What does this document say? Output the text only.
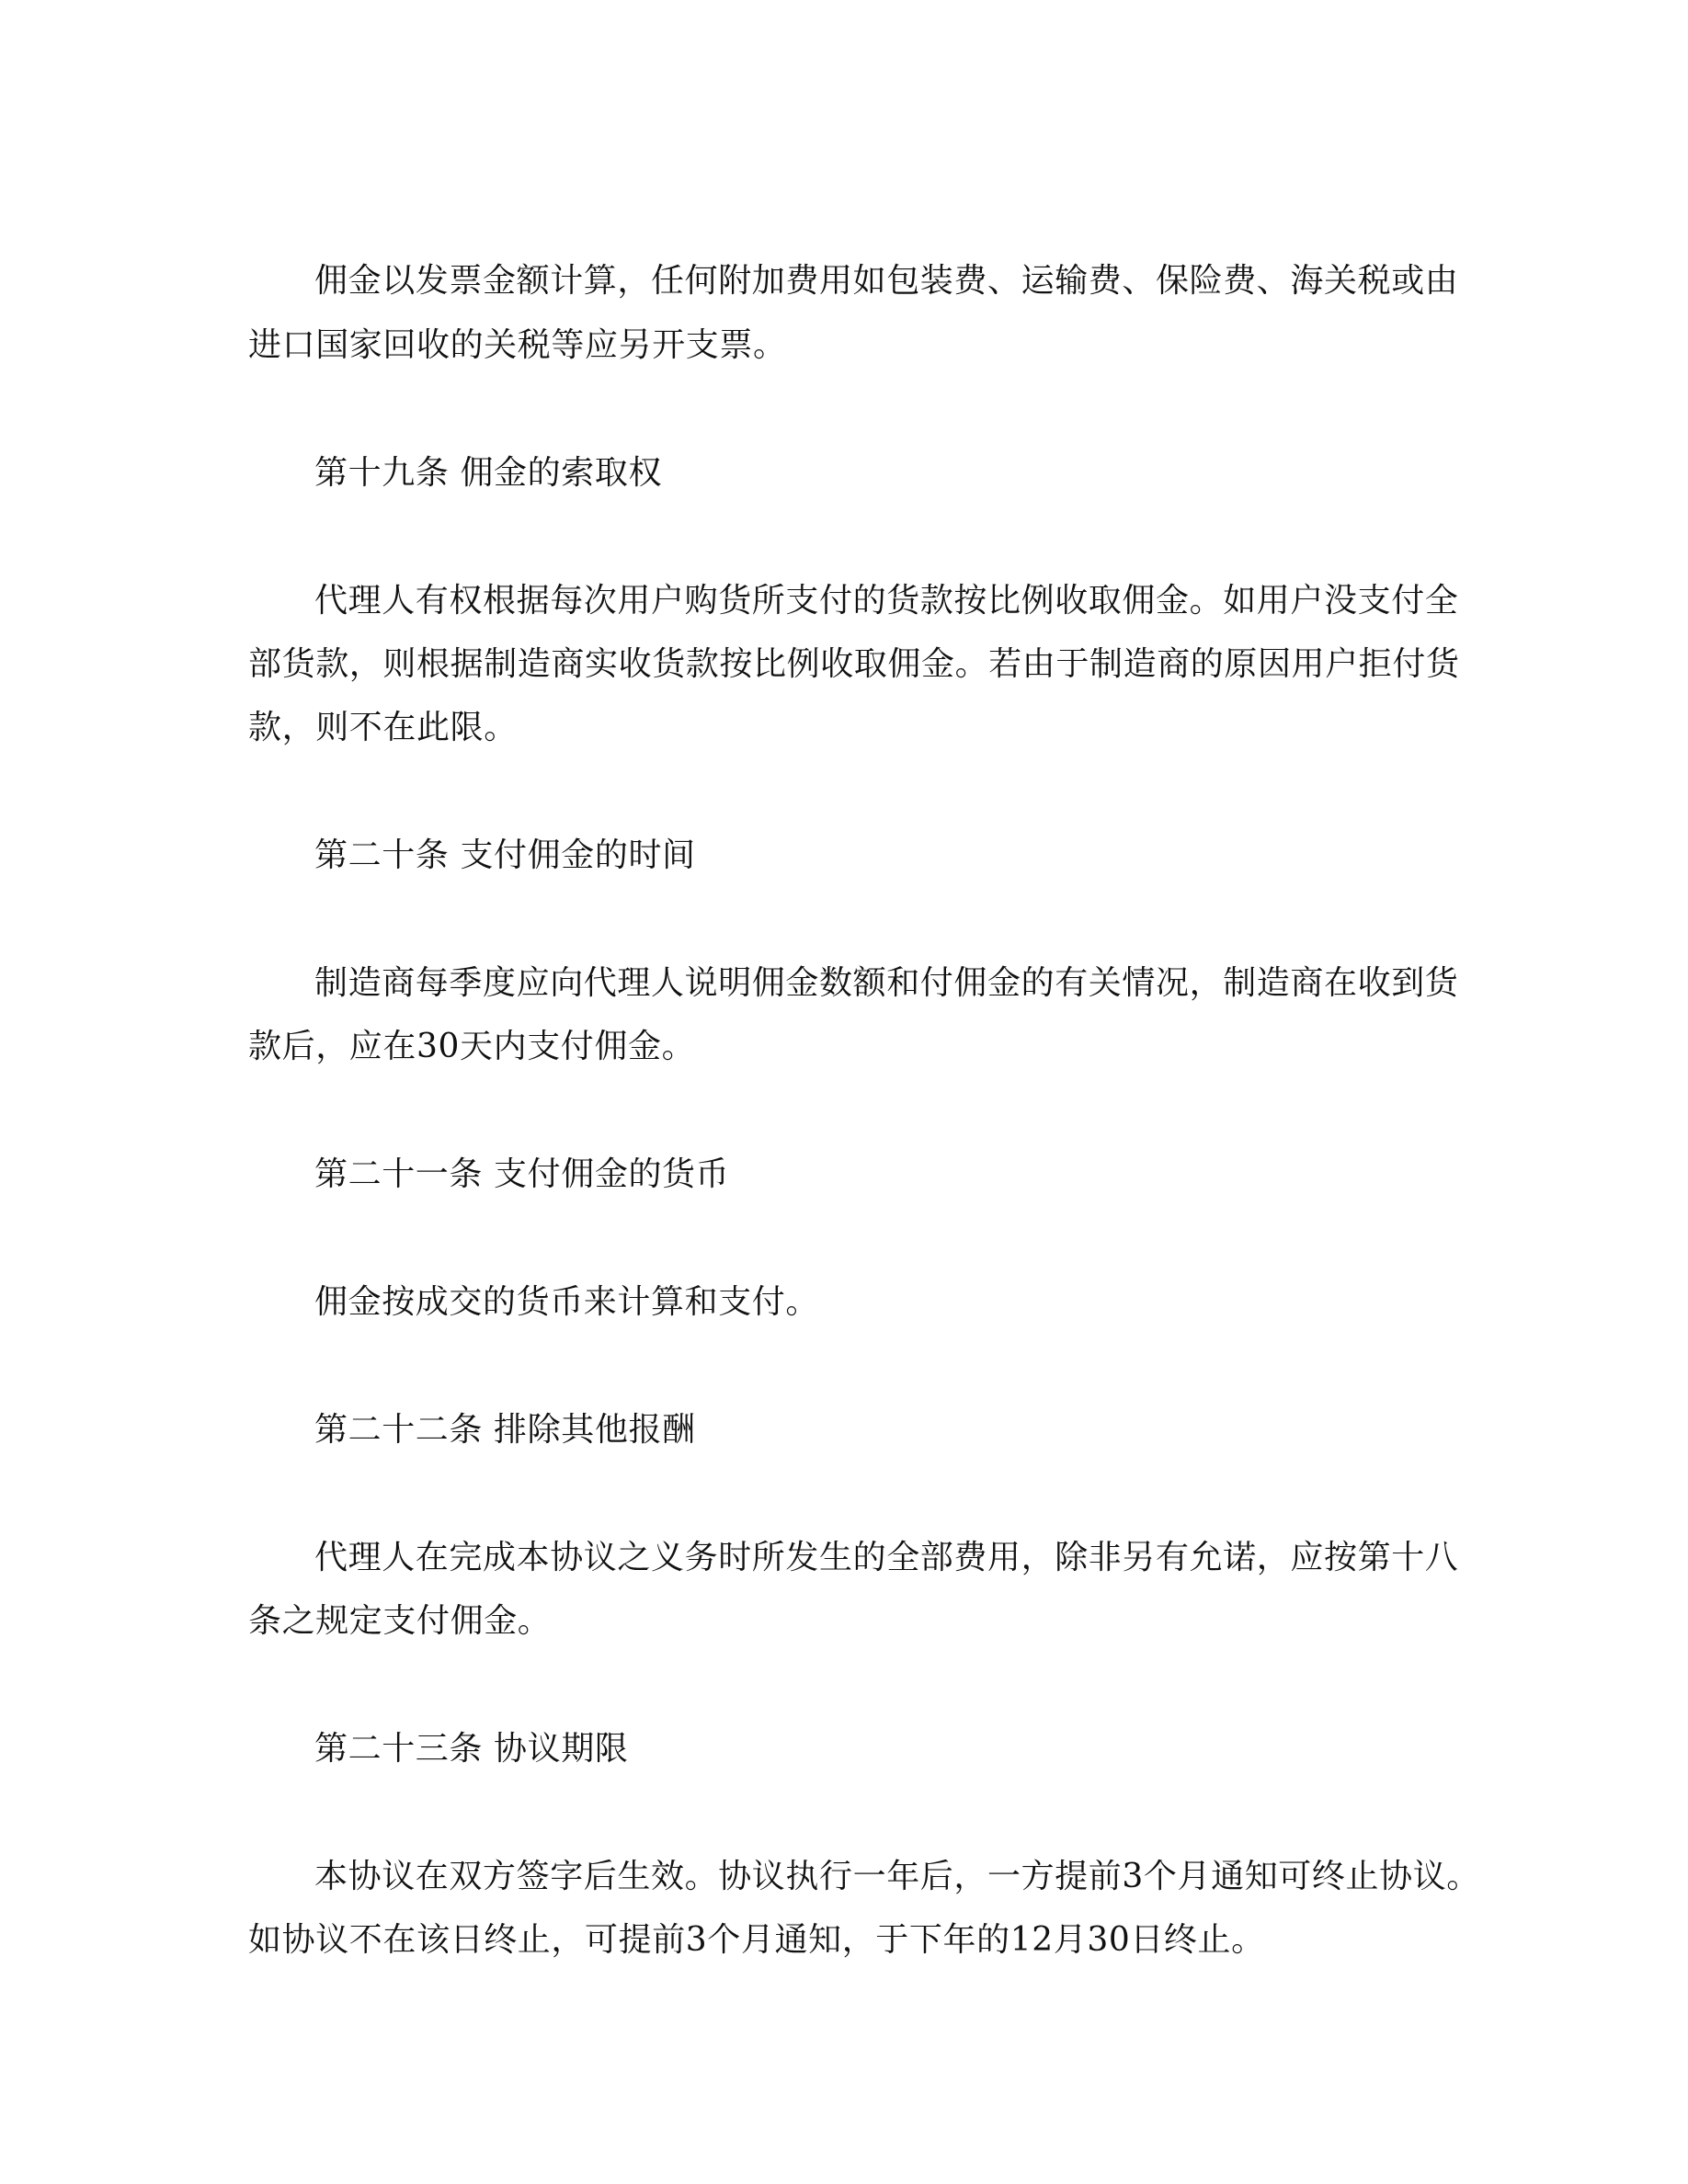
佣金以发票金额计算，任何附加费用如包装费、运输费、保险费、海关税或由
进口国家回收的关税等应另开支票。
第十九条 佣金的索取权
代理人有权根据每次用户购货所支付的货款按比例收取佣金。如用户没支付全
部货款，则根据制造商实收货款按比例收取佣金。若由于制造商的原因用户拒付货
款，则不在此限。
第二十条 支付佣金的时间
制造商每季度应向代理人说明佣金数额和付佣金的有关情况，制造商在收到货
款后，应在30天内支付佣金。
第二十一条 支付佣金的货币
佣金按成交的货币来计算和支付。
第二十二条 排除其他报酬
代理人在完成本协议之义务时所发生的全部费用，除非另有允诺，应按第十八
条之规定支付佣金。
第二十三条 协议期限
本协议在双方签字后生效。协议执行一年后，一方提前3个月通知可终止协议。
如协议不在该日终止，可提前3个月通知，于下年的12月30日终止。
